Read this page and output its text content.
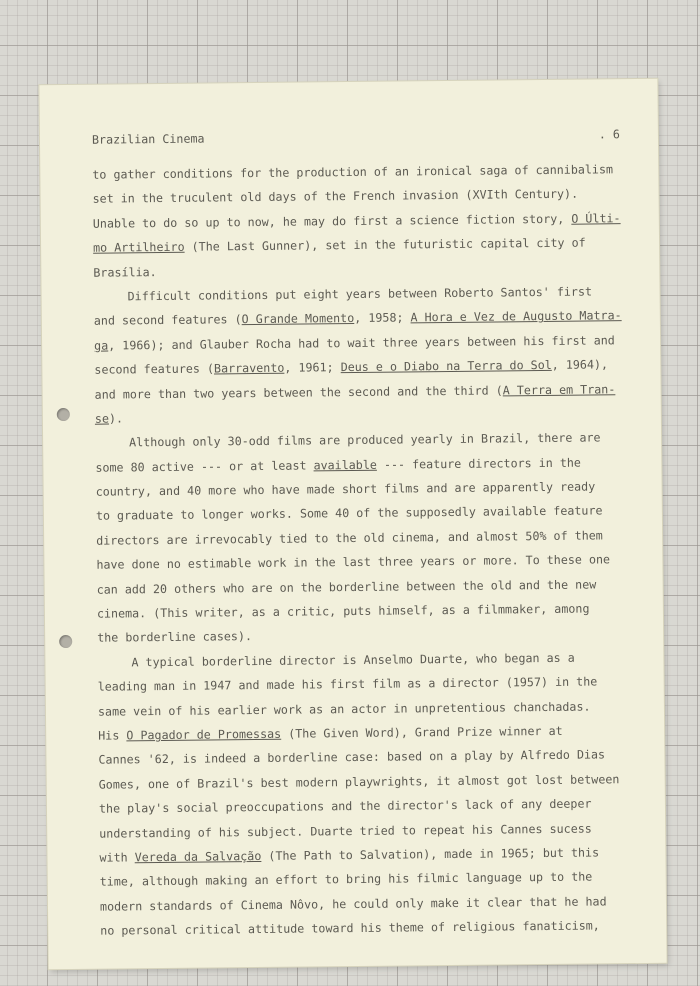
Brazilian Cinema	. 6
to gather conditions for the production of an ironical saga of cannibalism
set in the truculent old days of the French invasion (XVIth Century).
Unable to do so up to now, he may do first a science fiction story, O Últi-
mo Artilheiro (The Last Gunner), set in the futuristic capital city of
Brasília.
Difficult conditions put eight years between Roberto Santos' first
and second features (O Grande Momento, 1958; A Hora e Vez de Augusto Matra-
ga, 1966); and Glauber Rocha had to wait three years between his first and
second features (Barravento, 1961; Deus e o Diabo na Terra do Sol, 1964),
and more than two years between the second and the third (A Terra em Tran-
se).
Although only 30-odd films are produced yearly in Brazil, there are
some 80 active --- or at least available --- feature directors in the
country, and 40 more who have made short films and are apparently ready
to graduate to longer works. Some 40 of the supposedly available feature
directors are irrevocably tied to the old cinema, and almost 50% of them
have done no estimable work in the last three years or more. To these one
can add 20 others who are on the borderline between the old and the new
cinema. (This writer, as a critic, puts himself, as a filmmaker, among
the borderline cases).
A typical borderline director is Anselmo Duarte, who began as a
leading man in 1947 and made his first film as a director (1957) in the
same vein of his earlier work as an actor in unpretentious chanchadas.
His O Pagador de Promessas (The Given Word), Grand Prize winner at
Cannes '62, is indeed a borderline case: based on a play by Alfredo Dias
Gomes, one of Brazil's best modern playwrights, it almost got lost between
the play's social preoccupations and the director's lack of any deeper
understanding of his subject. Duarte tried to repeat his Cannes sucess
with Vereda da Salvação (The Path to Salvation), made in 1965; but this
time, although making an effort to bring his filmic language up to the
modern standards of Cinema Nôvo, he could only make it clear that he had
no personal critical attitude toward his theme of religious fanaticism,
